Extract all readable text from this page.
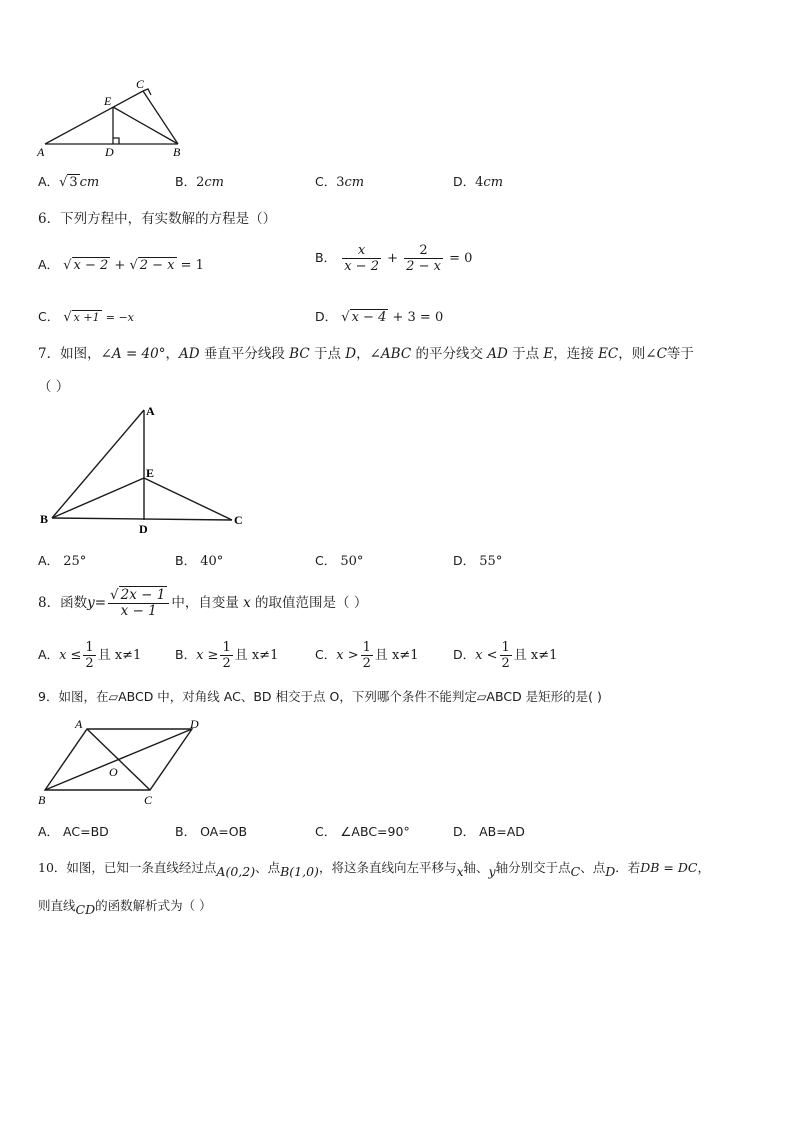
C
E
A	D	B
A．√ 3 cm	B．2cm	C．3cm	D．4cm
6．下列方程中，有实数解的方程是（）
A． √ x − 2 + √ 2 − x = 1
B． $\frac{x}{x - 2} + \frac{2}{2 - x} = 0$
C． √ x +1 = −x	D． √ x − 4 + 3 = 0
7．如图，∠A = 40°，AD 垂直平分线段 BC 于点 D，∠ABC 的平分线交 AD 于点 E，连接 EC，则∠C等于
（ ）
A
E
B
D
C
A． 25°	B． 40°	C． 50°	D． 55°
8．函数$y= \frac{√ 2x - 1}{x - 1}$ 中，自变量 x 的取值范围是（ ）
A．$x \le \frac{1}{2}$ 且 x≠1	B．$x \ge \frac{1}{2}$ 且 x≠1	C．$x > \frac{1}{2}$ 且 x≠1	D．$x < \frac{1}{2}$ 且 x≠1
9．如图，在▱ABCD 中，对角线 AC、BD 相交于点 O，下列哪个条件不能判定▱ABCD 是矩形的是( )
A	D
O
B	C
A． AC=BD	B． OA=OB	C． ∠ABC=90°	D． AB=AD
10．如图，已知一条直线经过点A(0,2)、点B(1,0)，将这条直线向左平移与x轴、y轴分别交于点C、点D．若DB = DC，
则直线CD的函数解析式为（ ）
